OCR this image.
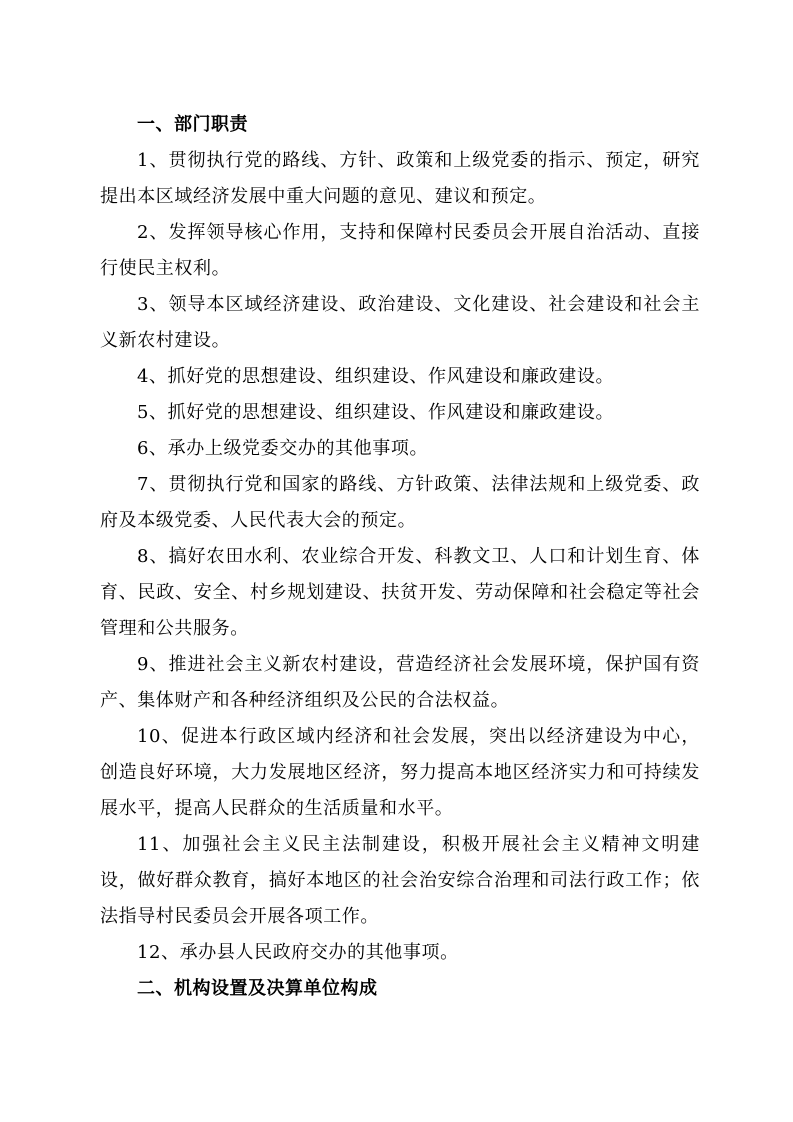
一、部门职责

1、贯彻执行党的路线、方针、政策和上级党委的指示、预定，研究提出本区域经济发展中重大问题的意见、建议和预定。

2、发挥领导核心作用，支持和保障村民委员会开展自治活动、直接行使民主权利。

3、领导本区域经济建设、政治建设、文化建设、社会建设和社会主义新农村建设。

4、抓好党的思想建设、组织建设、作风建设和廉政建设。

5、抓好党的思想建设、组织建设、作风建设和廉政建设。

6、承办上级党委交办的其他事项。

7、贯彻执行党和国家的路线、方针政策、法律法规和上级党委、政府及本级党委、人民代表大会的预定。

8、搞好农田水利、农业综合开发、科教文卫、人口和计划生育、体育、民政、安全、村乡规划建设、扶贫开发、劳动保障和社会稳定等社会管理和公共服务。

9、推进社会主义新农村建设，营造经济社会发展环境，保护国有资产、集体财产和各种经济组织及公民的合法权益。

10、促进本行政区域内经济和社会发展，突出以经济建设为中心，创造良好环境，大力发展地区经济，努力提高本地区经济实力和可持续发展水平，提高人民群众的生活质量和水平。

11、加强社会主义民主法制建设，积极开展社会主义精神文明建设，做好群众教育，搞好本地区的社会治安综合治理和司法行政工作；依法指导村民委员会开展各项工作。

12、承办县人民政府交办的其他事项。

二、机构设置及决算单位构成
